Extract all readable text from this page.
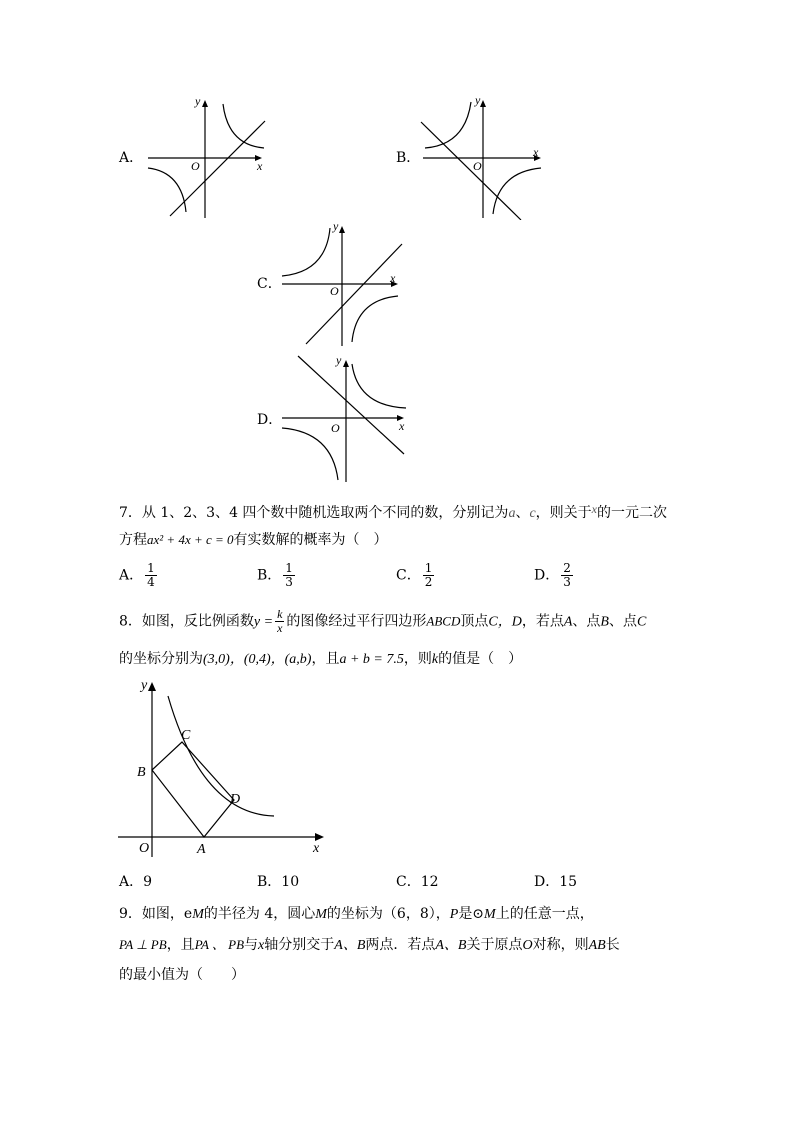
A．
y
x
O	B．
y
x
O
C．
y
x
O
D．
y
x
O
7．从 1、2、3、4 四个数中随机选取两个不同的数，分别记为a、c，则关于x的一元二次
方程ax² + 4x + c = 0有实数解的概率为（　）
A． $\frac{1}{4}$	B． $\frac{1}{3}$	C． $\frac{1}{2}$	D． $\frac{2}{3}$
8．如图，反比例函数$y = \frac{k}{x}$ 的图像经过平行四边形ABCD顶点C，D，若点A、点B、点C
的坐标分别为(3,0)，(0,4)，(a,b)，且a + b = 7.5，则k的值是（　）
y
x
O	A
B
C
D
A．9	B．10	C．12	D．15
9．如图，eM的半径为 4，圆心M的坐标为（6，8），P是⊙M上的任意一点，
PA ⊥ PB，且PA 、 PB与x轴分别交于A、B两点．若点A、B关于原点O对称，则AB长
的最小值为（　　）
